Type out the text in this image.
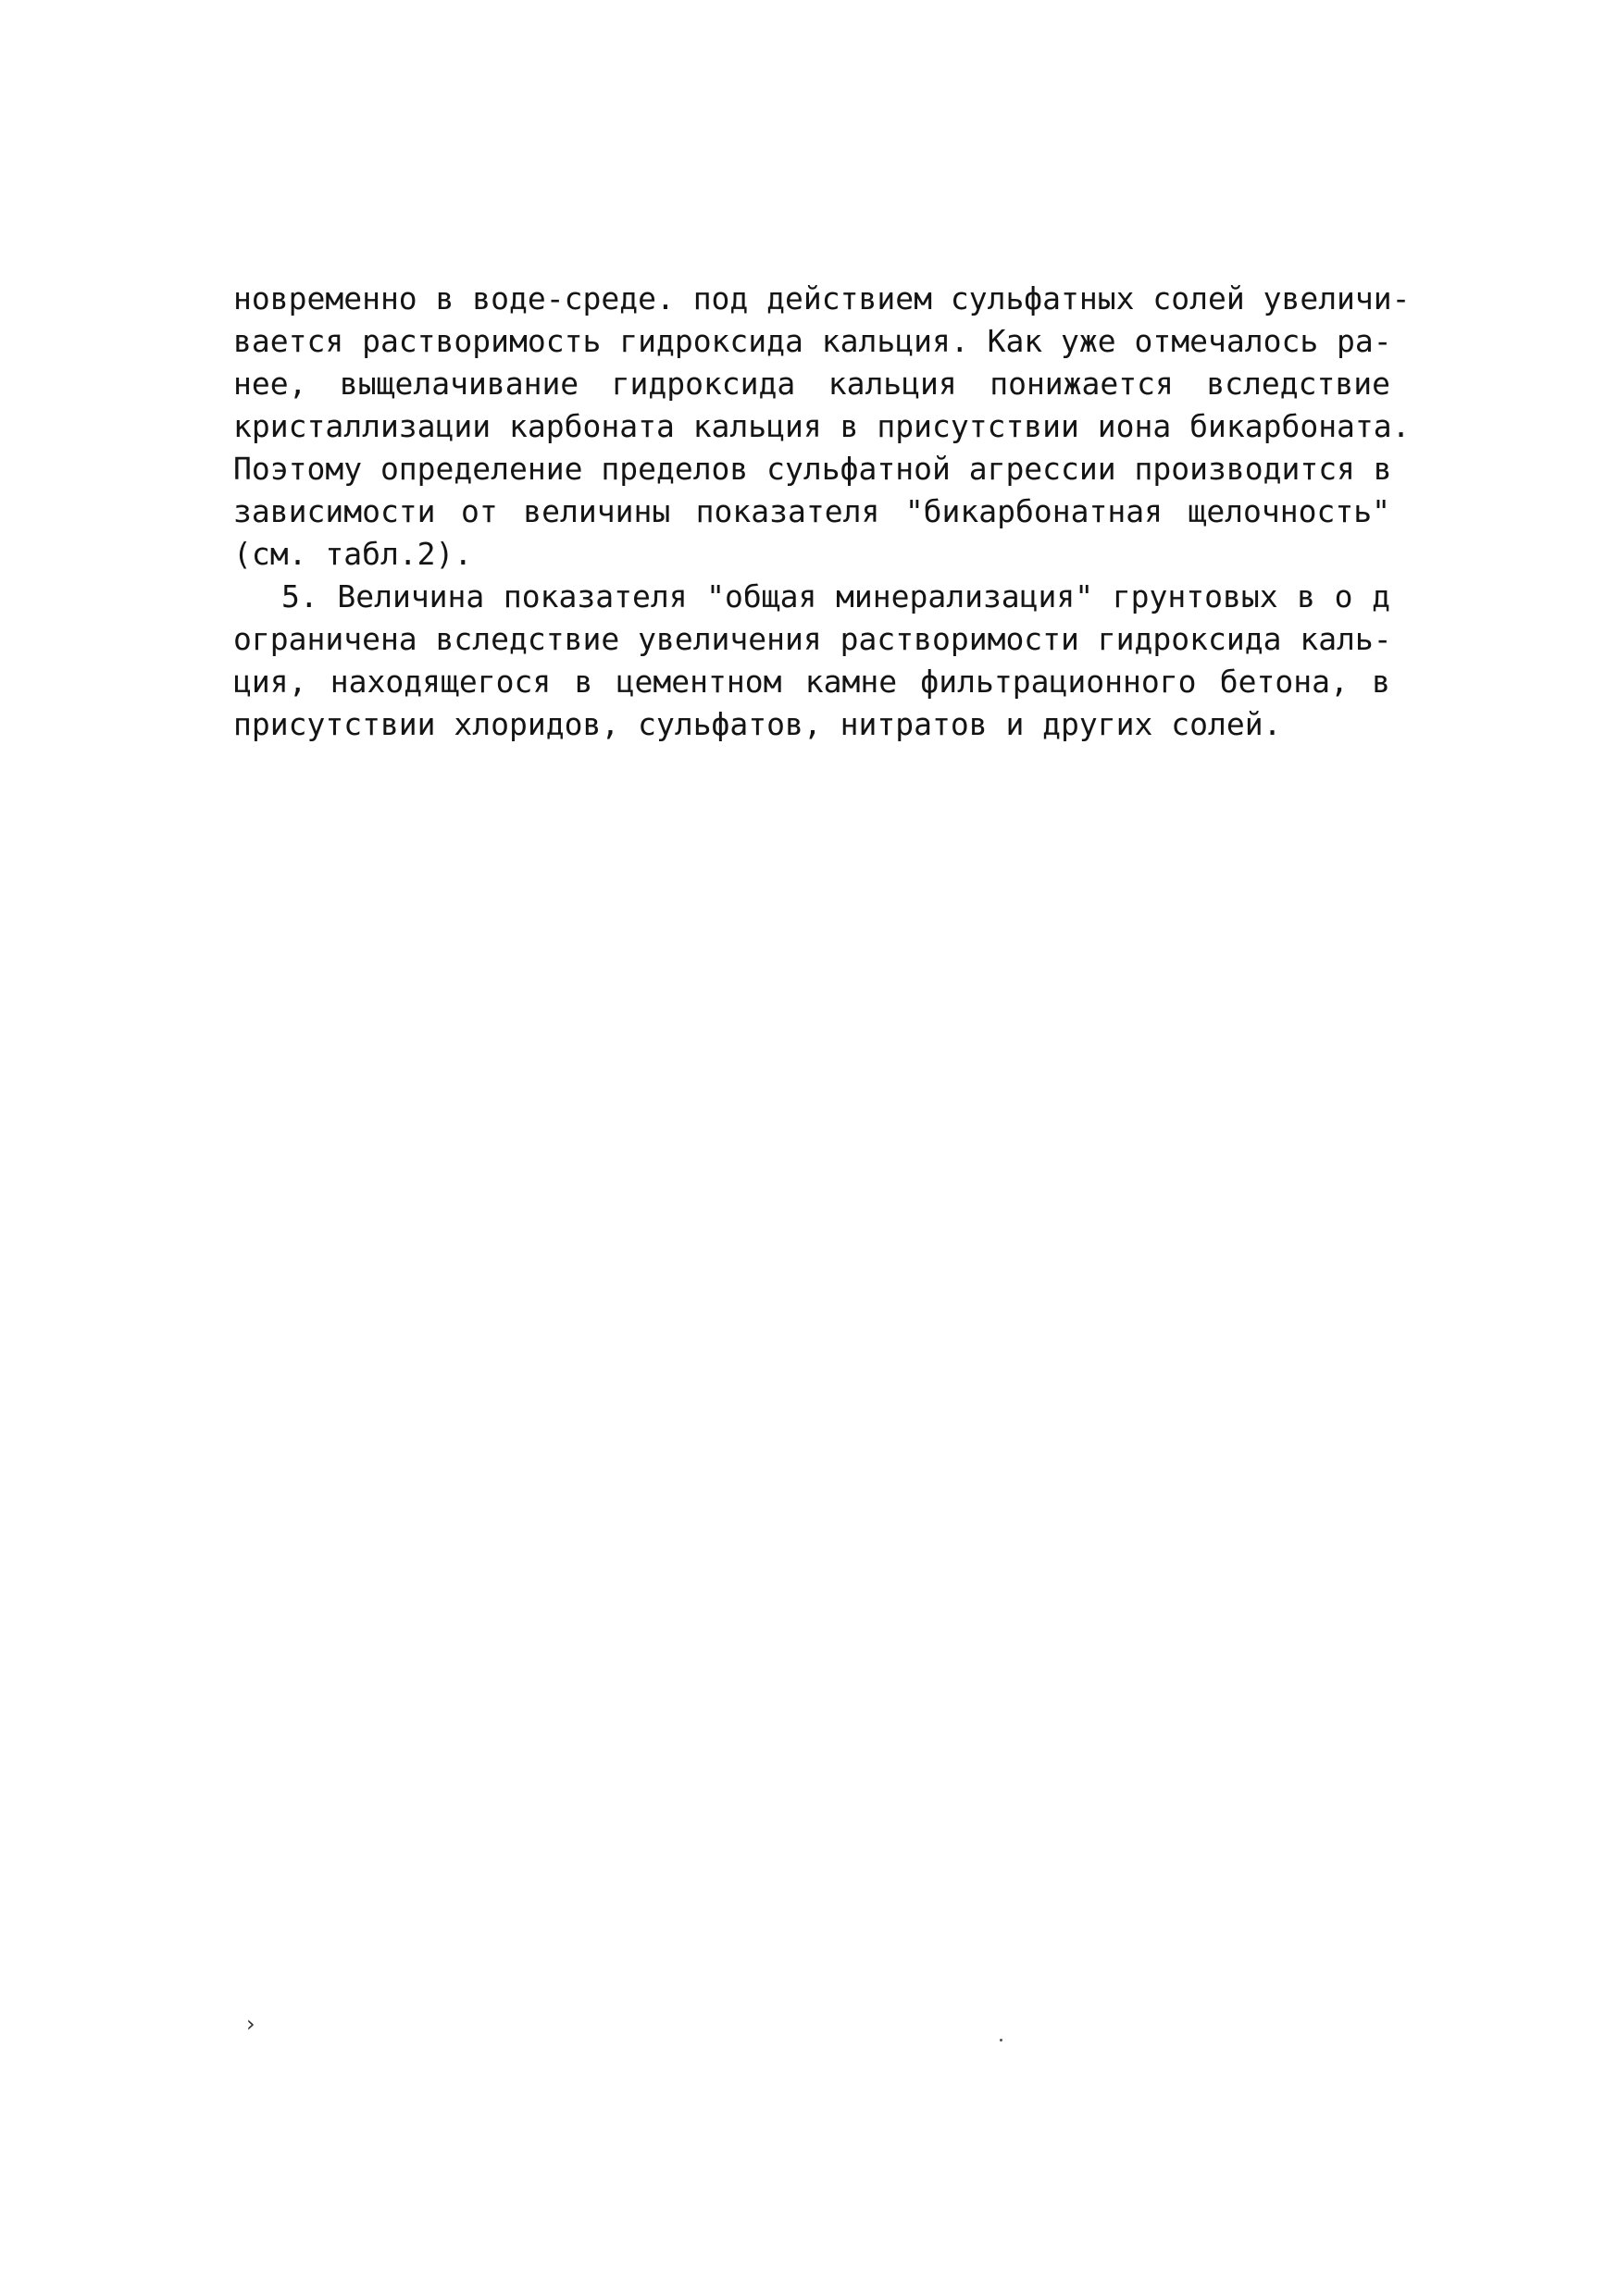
новременно в воде-среде. под действием сульфатных солей увеличи-
вается растворимость гидроксида кальция. Как уже отмечалось ра-
нее, выщелачивание гидроксида кальция понижается вследствие
кристаллизации карбоната кальция в присутствии иона бикарбоната.
Поэтому определение пределов сульфатной агрессии производится в
зависимости от величины показателя "бикарбонатная щелочность"
(см. табл.2).
5. Величина показателя "общая минерализация" грунтовых в о д
ограничена вследствие увеличения растворимости гидроксида каль-
ция, находящегося в цементном камне фильтрационного бетона, в
присутствии хлоридов, сульфатов, нитратов и других солей.
›
